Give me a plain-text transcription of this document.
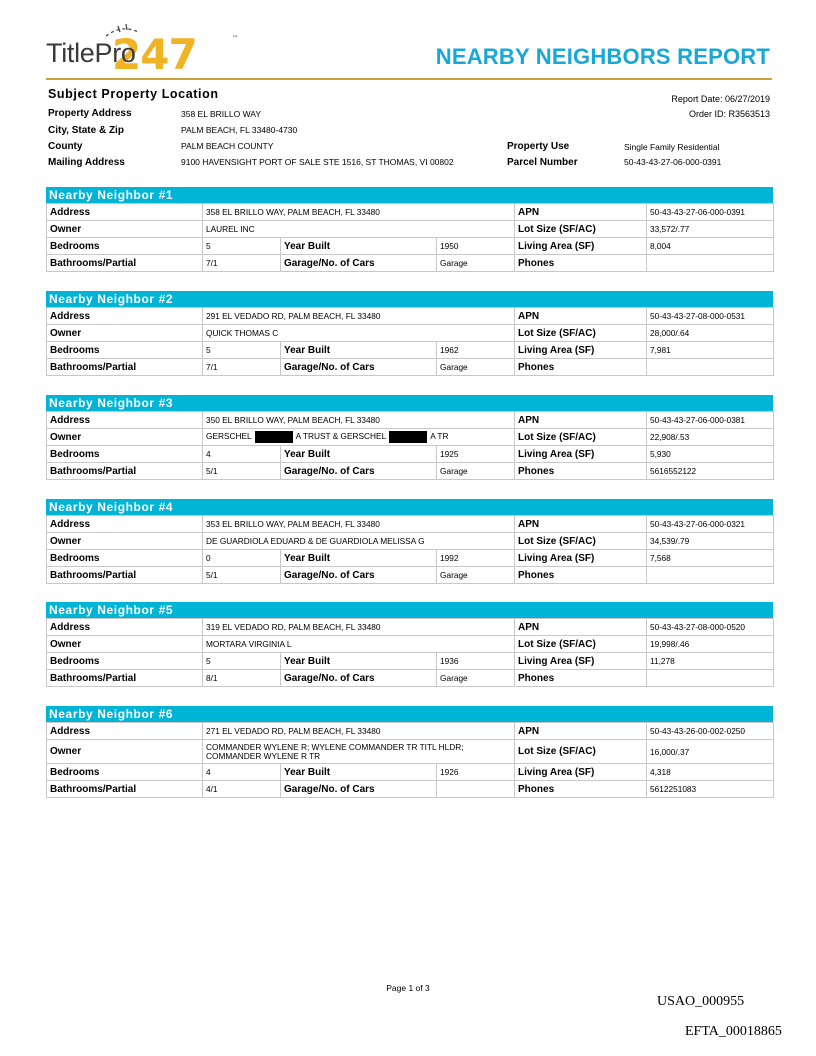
247	™
TitlePro	NEARBY NEIGHBORS REPORT
Subject Property Location	Report Date: 06/27/2019
Order ID: R3563513
Property Address	358 EL BRILLO WAY
City, State & Zip	PALM BEACH, FL 33480-4730
County	PALM BEACH COUNTY
Mailing Address	9100 HAVENSIGHT PORT OF SALE STE 1516, ST THOMAS, VI 00802
Property Use	Single Family Residential
Parcel Number	50-43-43-27-06-000-0391
Nearby Neighbor #1
Address	358 EL BRILLO WAY, PALM BEACH, FL 33480			APN	50-43-43-27-06-000-0391
Owner	LAUREL INC			Lot Size (SF/AC)	33,572/.77
Bedrooms	5	Year Built	1950	Living Area (SF)	8,004
Bathrooms/Partial	7/1	Garage/No. of Cars	Garage	Phones	
Nearby Neighbor #2
Address	291 EL VEDADO RD, PALM BEACH, FL 33480			APN	50-43-43-27-08-000-0531
Owner	QUICK THOMAS C			Lot Size (SF/AC)	28,000/.64
Bedrooms	5	Year Built	1962	Living Area (SF)	7,981
Bathrooms/Partial	7/1	Garage/No. of Cars	Garage	Phones	
Nearby Neighbor #3
Address	350 EL BRILLO WAY, PALM BEACH, FL 33480			APN	50-43-43-27-06-000-0381
Owner	GERSCHEL A TRUST & GERSCHEL A TR			Lot Size (SF/AC)	22,908/.53
Bedrooms	4	Year Built	1925	Living Area (SF)	5,930
Bathrooms/Partial	5/1	Garage/No. of Cars	Garage	Phones	5616552122
Nearby Neighbor #4
Address	353 EL BRILLO WAY, PALM BEACH, FL 33480			APN	50-43-43-27-06-000-0321
Owner	DE GUARDIOLA EDUARD & DE GUARDIOLA MELISSA G			Lot Size (SF/AC)	34,539/.79
Bedrooms	0	Year Built	1992	Living Area (SF)	7,568
Bathrooms/Partial	5/1	Garage/No. of Cars	Garage	Phones	
Nearby Neighbor #5
Address	319 EL VEDADO RD, PALM BEACH, FL 33480			APN	50-43-43-27-08-000-0520
Owner	MORTARA VIRGINIA L			Lot Size (SF/AC)	19,998/.46
Bedrooms	5	Year Built	1936	Living Area (SF)	11,278
Bathrooms/Partial	8/1	Garage/No. of Cars	Garage	Phones	
Nearby Neighbor #6
Address	271 EL VEDADO RD, PALM BEACH, FL 33480			APN	50-43-43-26-00-002-0250
Owner	COMMANDER WYLENE R; WYLENE COMMANDER TR TITL HLDR; COMMANDER WYLENE R TR			Lot Size (SF/AC)	16,000/.37
Bedrooms	4	Year Built	1926	Living Area (SF)	4,318
Bathrooms/Partial	4/1	Garage/No. of Cars		Phones	5612251083
Page 1 of 3
USAO_000955
EFTA_00018865
